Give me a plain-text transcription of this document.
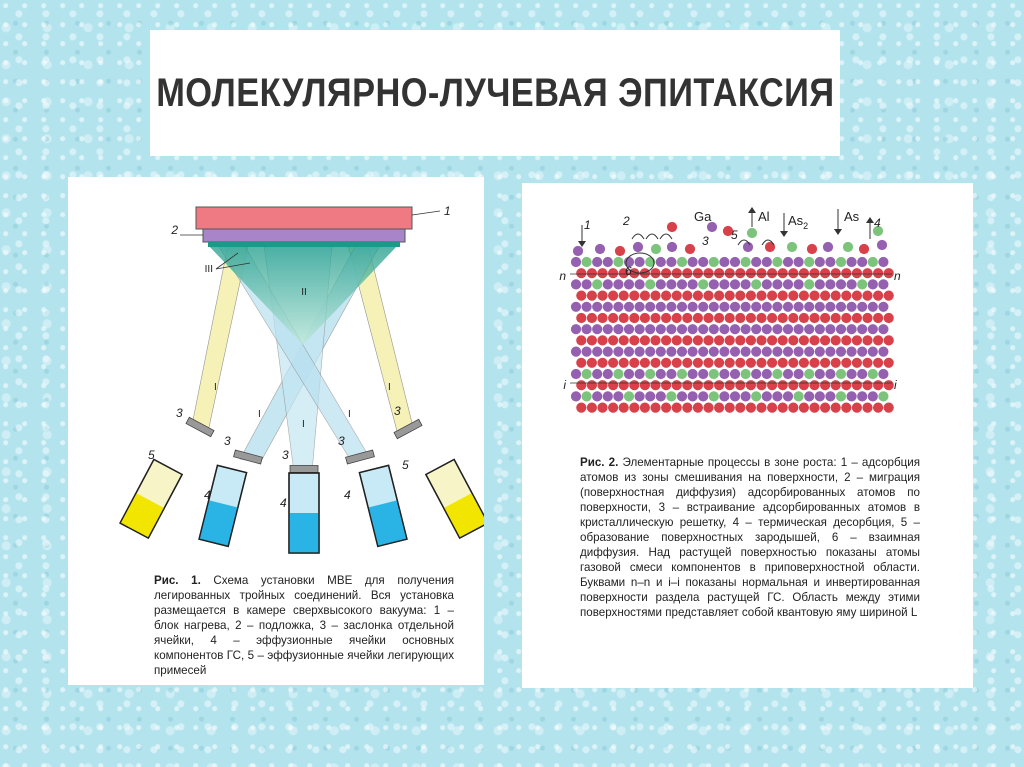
МОЛЕКУЛЯРНО-ЛУЧЕВАЯ ЭПИТАКСИЯ
1
2
III
II
I
I
I
I
I
3
3
3
3
3
5
4
4
4
5

Рис. 1. Схема установки МВЕ для получения легированных тройных соединений. Вся установка размещается в камере сверхвысокого вакуума: 1 – блок нагрева, 2 – подложка, 3 – заслонка отдельной ячейки, 4 – эффузионные ячейки основных компонентов ГС, 5 – эффузионные ячейки легирующих примесей

n	n
i	i
1	2
3
Ga	Al
5
$As_2$
As 4
6

Рис. 2. Элементарные процессы в зоне роста: 1 – адсорбция атомов из зоны смешивания на поверхности, 2 – миграция (поверхностная диффузия) адсорбированных атомов по поверхности, 3 – встраивание адсорбированных атомов в кристаллическую решетку, 4 – термическая десорбция, 5 – образование поверхностных зародышей, 6 – взаимная диффузия. Над растущей поверхностью показаны атомы газовой смеси компонентов в приповерхностной области. Буквами n–n и i–i показаны нормальная и инвертированная поверхности раздела растущей ГС. Область между этими поверхностями представляет собой квантовую яму шириной L
